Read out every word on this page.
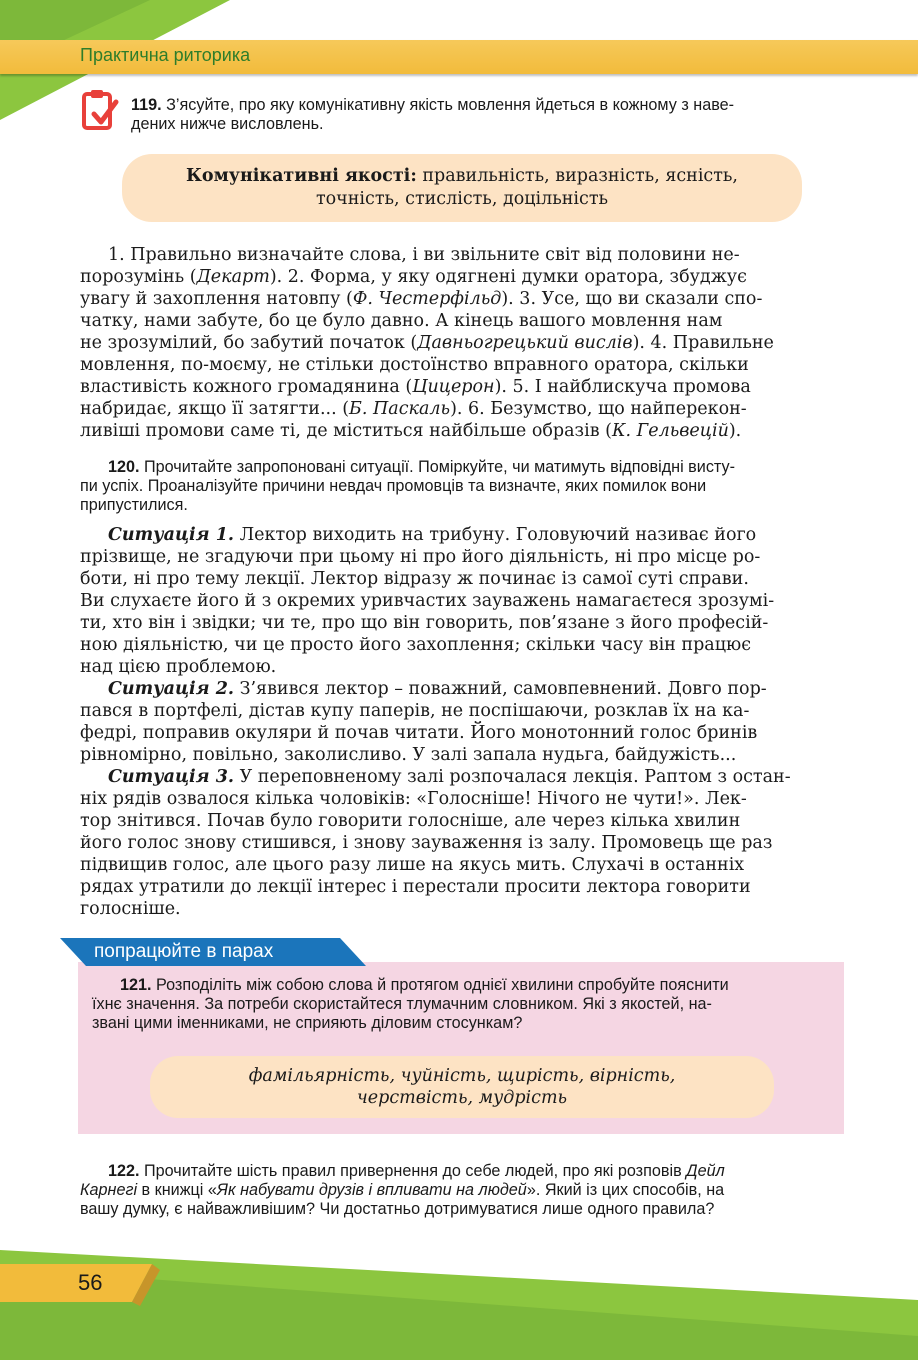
Практична риторика
119. З’ясуйте, про яку комунікативну якість мовлення йдеться в кожному з наве-
дених нижче висловлень.
Комунікативні якості: правильність, виразність, ясність,
точність, стислість, доцільність

1. Правильно визначайте слова, і ви звільните світ від половини не-

порозумінь (Декарт). 2. Форма, у яку одягнені думки оратора, збуджує

увагу й захоплення натовпу (Ф. Честерфільд). 3. Усе, що ви сказали спо-

чатку, нами забуте, бо це було давно. А кінець вашого мовлення нам

не зрозумілий, бо забутий початок (Давньогрецький вислів). 4. Правильне

мовлення, по-моєму, не стільки достоїнство вправного оратора, скільки

властивість кожного громадянина (Цицерон). 5. І найблискуча промова

набридає, якщо її затягти... (Б. Паскаль). 6. Безумство, що найперекон-

ливіші промови саме ті, де міститься найбільше образів (К. Гельвецій).

120. Прочитайте запропоновані ситуації. Поміркуйте, чи матимуть відповідні висту-
пи успіх. Проаналізуйте причини невдач промовців та визначте, яких помилок вони
припустилися.

Ситуація 1. Лектор виходить на трибуну. Головуючий називає його

прізвище, не згадуючи при цьому ні про його діяльність, ні про місце ро-

боти, ні про тему лекції. Лектор відразу ж починає із самої суті справи.

Ви слухаєте його й з окремих уривчастих зауважень намагаєтеся зрозумі-

ти, хто він і звідки; чи те, про що він говорить, пов’язане з його професій-

ною діяльністю, чи це просто його захоплення; скільки часу він працює

над цією проблемою.

Ситуація 2. З’явився лектор – поважний, самовпевнений. Довго пор-

пався в портфелі, дістав купу паперів, не поспішаючи, розклав їх на ка-

федрі, поправив окуляри й почав читати. Його монотонний голос бринів

рівномірно, повільно, заколисливо. У залі запала нудьга, байдужість...

Ситуація 3. У переповненому залі розпочалася лекція. Раптом з остан-

ніх рядів озвалося кілька чоловіків: «Голосніше! Нічого не чути!». Лек-

тор знітився. Почав було говорити голосніше, але через кілька хвилин

його голос знову стишився, і знову зауваження із залу. Промовець ще раз

підвищив голос, але цього разу лише на якусь мить. Слухачі в останніх

рядах утратили до лекції інтерес і перестали просити лектора говорити

голосніше.

попрацюйте в парах
121. Розподіліть між собою слова й протягом однієї хвилини спробуйте пояснити
їхнє значення. За потреби скористайтеся тлумачним словником. Які з якостей, на-
звані цими іменниками, не сприяють діловим стосункам?
фамільярність, чуйність, щирість, вірність,
черствість, мудрість
122. Прочитайте шість правил привернення до себе людей, про які розповів Дейл
Карнегі в книжці «Як набувати друзів і впливати на людей». Який із цих способів, на
вашу думку, є найважливішим? Чи достатньо дотримуватися лише одного правила?
56
